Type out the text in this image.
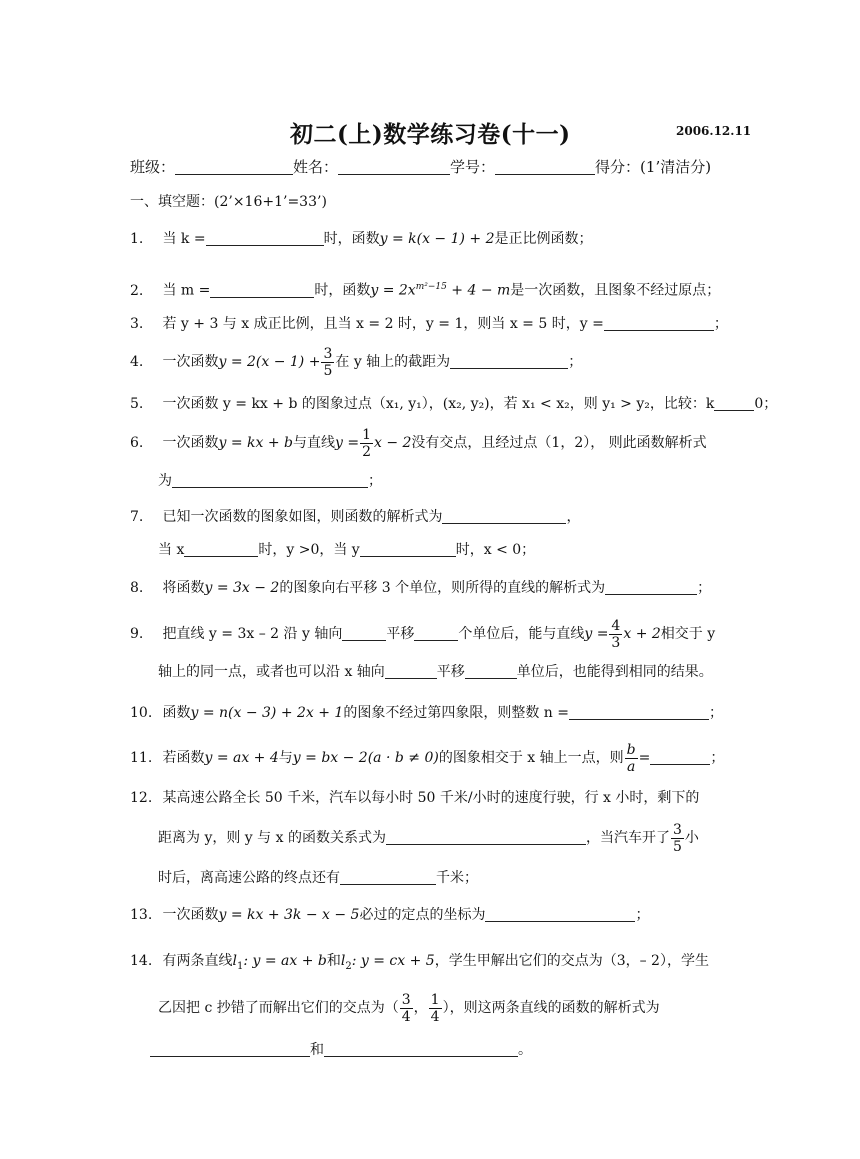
初二(上)数学练习卷(十一)	2006.12.11
班级：	姓名：	学号：	得分：(1’清洁分)
一、填空题：(2’×16+1’=33’)
1. 当 k =	时，函数y = k(x − 1) + 2是正比例函数；
2. 当 m =	时，函数$y = 2x^{m^2-15} + 4 - m$是一次函数，且图象不经过原点；
3. 若 y + 3 与 x 成正比例，且当 x = 2 时，y = 1，则当 x = 5 时，y =	；
4. 一次函数$y = 2(x - 1) + \frac{3}{5}$ 在 y 轴上的截距为	；
5. 一次函数 y = kx + b 的图象过点（x₁, y₁），(x₂, y₂)，若 x₁ < x₂，则 y₁ > y₂，比较：k	0；
6. 一次函数y = kx + b与直线$y = \frac{1}{2}$ x − 2没有交点，且经过点（1，2）， 则此函数解析式
为	；
7. 已知一次函数的图象如图，则函数的解析式为	，
当 x	时，y >0，当 y	时，x < 0；
8. 将函数y = 3x − 2的图象向右平移 3 个单位，则所得的直线的解析式为	；
9. 把直线 y = 3x – 2 沿 y 轴向	平移	个单位后，能与直线$y = \frac{4}{3}$ x + 2相交于 y
轴上的同一点，或者也可以沿 x 轴向	平移	单位后，也能得到相同的结果。
10. 函数y = n(x − 3) + 2x + 1的图象不经过第四象限，则整数 n =	；
11. 若函数y = ax + 4与y = bx − 2(a · b ≠ 0)的图象相交于 x 轴上一点，则 $\frac{b}{a}$ =	；
12. 某高速公路全长 50 千米，汽车以每小时 50 千米/小时的速度行驶，行 x 小时，剩下的
距离为 y，则 y 与 x 的函数关系式为	，当汽车开了 $\frac{3}{5}$ 小
时后，离高速公路的终点还有	千米；
13. 一次函数y = kx + 3k − x − 5必过的定点的坐标为	；
14. 有两条直线$l_1$: y = ax + b和$l_2$: y = cx + 5，学生甲解出它们的交点为（3，– 2），学生
乙因把 c 抄错了而解出它们的交点为（ $\frac{3}{4}$ ， $\frac{1}{4}$ ），则这两条直线的函数的解析式为
和	。
